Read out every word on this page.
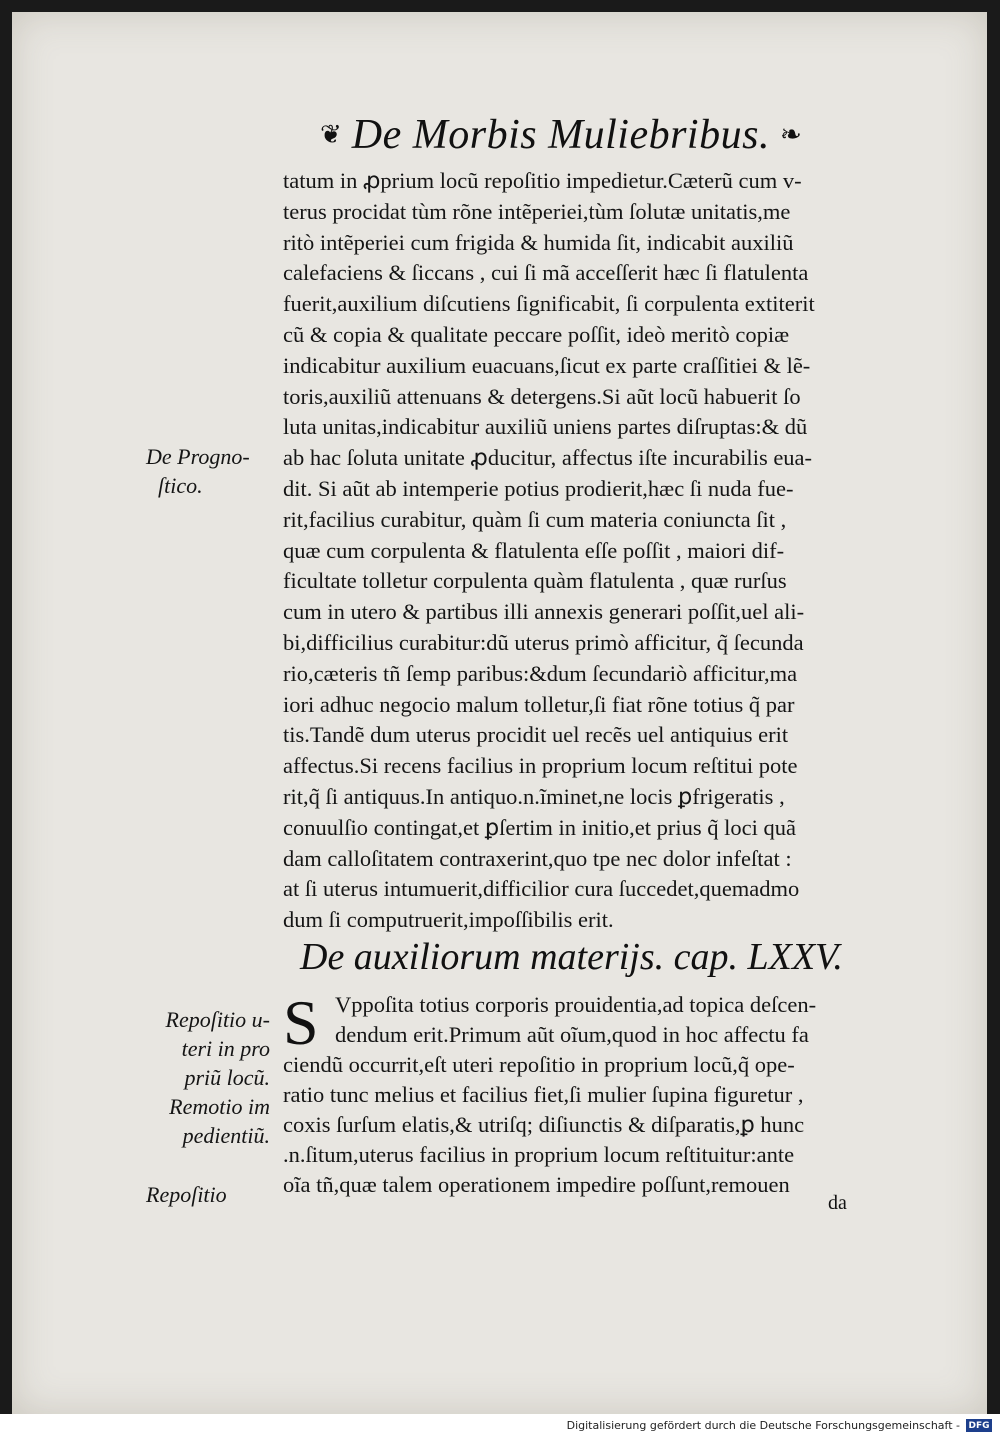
❦ De Morbis Muliebribus. ❧
tatum in ꝓprium locũ repoſitio impedietur.Cæterũ cum v-
terus procidat tùm rõne intẽperiei,tùm ſolutæ unitatis,me
ritò intẽperiei cum frigida & humida ſit, indicabit auxiliũ
calefaciens & ſiccans , cui ſi mã acceſſerit hæc ſi flatulenta
fuerit,auxilium diſcutiens ſignificabit, ſi corpulenta extiterit
cũ & copia & qualitate peccare poſſit, ideò meritò copiæ
indicabitur auxilium euacuans,ſicut ex parte craſſitiei & lẽ-
toris,auxiliũ attenuans & detergens.Si aũt locũ habuerit ſo
luta unitas,indicabitur auxiliũ uniens partes diſruptas:& dũ
ab hac ſoluta unitate ꝓducitur, affectus iſte incurabilis eua-
dit. Si aũt ab intemperie potius prodierit,hæc ſi nuda fue-
rit,facilius curabitur, quàm ſi cum materia coniuncta ſit ,
quæ cum corpulenta & flatulenta eſſe poſſit , maiori dif-
ficultate tolletur corpulenta quàm flatulenta , quæ rurſus
cum in utero & partibus illi annexis generari poſſit,uel ali-
bi,difficilius curabitur:dũ uterus primò afficitur, q̃ ſecunda
rio,cæteris tñ ſemp paribus:&dum ſecundariò afficitur,ma
iori adhuc negocio malum tolletur,ſi fiat rõne totius q̃ par
tis.Tandẽ dum uterus procidit uel recẽs uel antiquius erit
affectus.Si recens facilius in proprium locum reſtitui pote
rit,q̃ ſi antiquus.In antiquo.n.ĩminet,ne locis ꝑfrigeratis ,
conuulſio contingat,et ꝑſertim in initio,et prius q̃ loci quã
dam calloſitatem contraxerint,quo tpe nec dolor infeſtat :
at ſi uterus intumuerit,difficilior cura ſuccedet,quemadmo
dum ſi computruerit,impoſſibilis erit.
De Progno-
ſtico.
De auxiliorum materijs. cap. LXXV.
S Vppoſita totius corporis prouidentia,ad topica deſcen-
dendum erit.Primum aũt oĩum,quod in hoc affectu fa
ciendũ occurrit,eſt uteri repoſitio in proprium locũ,q̃ ope-
ratio tunc melius et facilius fiet,ſi mulier ſupina figuretur ,
coxis ſurſum elatis,& utriſq; diſiunctis & diſparatis,ꝑ hunc
.n.ſitum,uterus facilius in proprium locum reſtituitur:ante
oĩa tñ,quæ talem operationem impedire poſſunt,remouen
Repoſitio u-
teri in pro
priũ locũ.
Remotio im
pedientiũ.
Repoſitio	da
Digitalisierung gefördert durch die Deutsche Forschungsgemeinschaft - DFG
